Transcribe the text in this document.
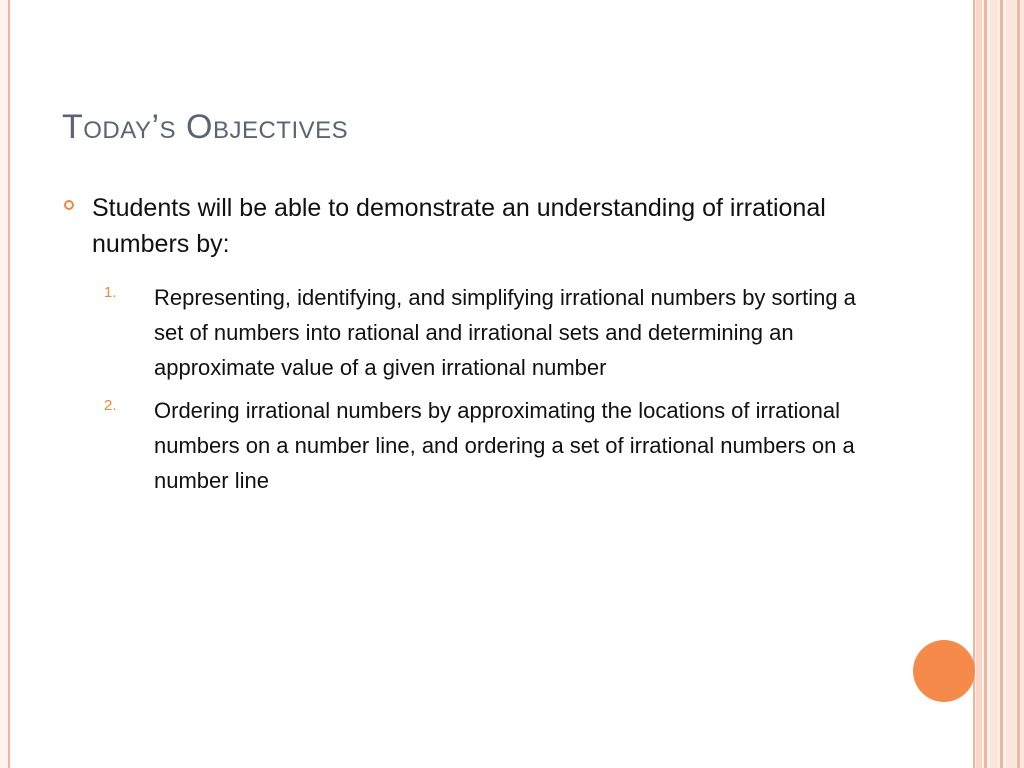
Today’s Objectives
Students will be able to demonstrate an understanding of irrational numbers by:
1. Representing, identifying, and simplifying irrational numbers by sorting a set of numbers into rational and irrational sets and determining an approximate value of a given irrational number
2. Ordering irrational numbers by approximating the locations of irrational numbers on a number line, and ordering a set of irrational numbers on a number line
